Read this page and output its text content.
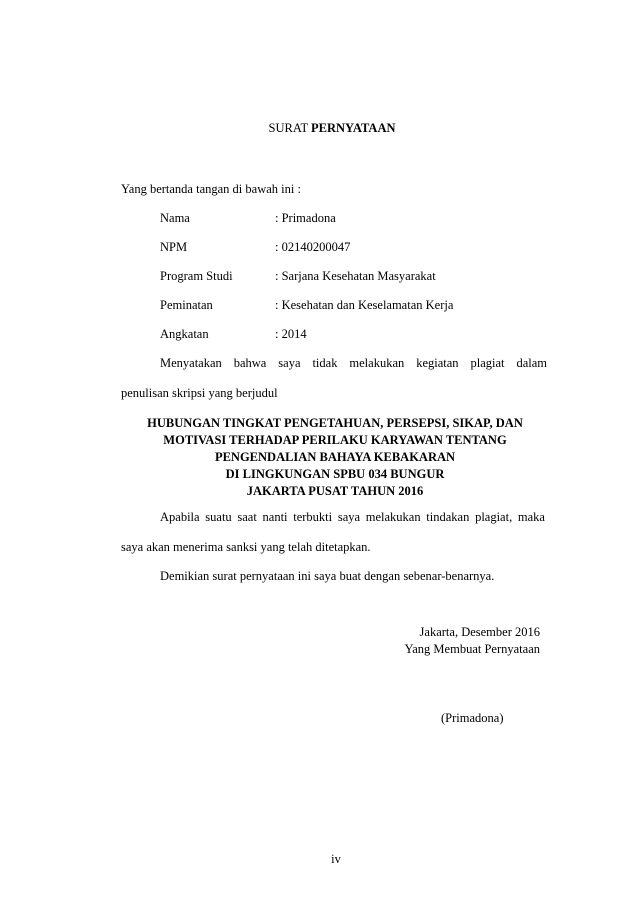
SURAT PERNYATAAN
Yang bertanda tangan di bawah ini :
Nama	: Primadona
NPM	: 02140200047
Program Studi	: Sarjana Kesehatan Masyarakat
Peminatan	: Kesehatan dan Keselamatan Kerja
Angkatan	: 2014
Menyatakan bahwa saya tidak melakukan kegiatan plagiat dalam
penulisan skripsi yang berjudul
HUBUNGAN TINGKAT PENGETAHUAN, PERSEPSI, SIKAP, DAN
MOTIVASI TERHADAP PERILAKU KARYAWAN TENTANG
PENGENDALIAN BAHAYA KEBAKARAN
DI LINGKUNGAN SPBU 034 BUNGUR
JAKARTA PUSAT TAHUN 2016
Apabila suatu saat nanti terbukti saya melakukan tindakan plagiat, maka
saya akan menerima sanksi yang telah ditetapkan.
Demikian surat pernyataan ini saya buat dengan sebenar-benarnya.
Jakarta, Desember 2016
Yang Membuat Pernyataan
(Primadona)
iv
